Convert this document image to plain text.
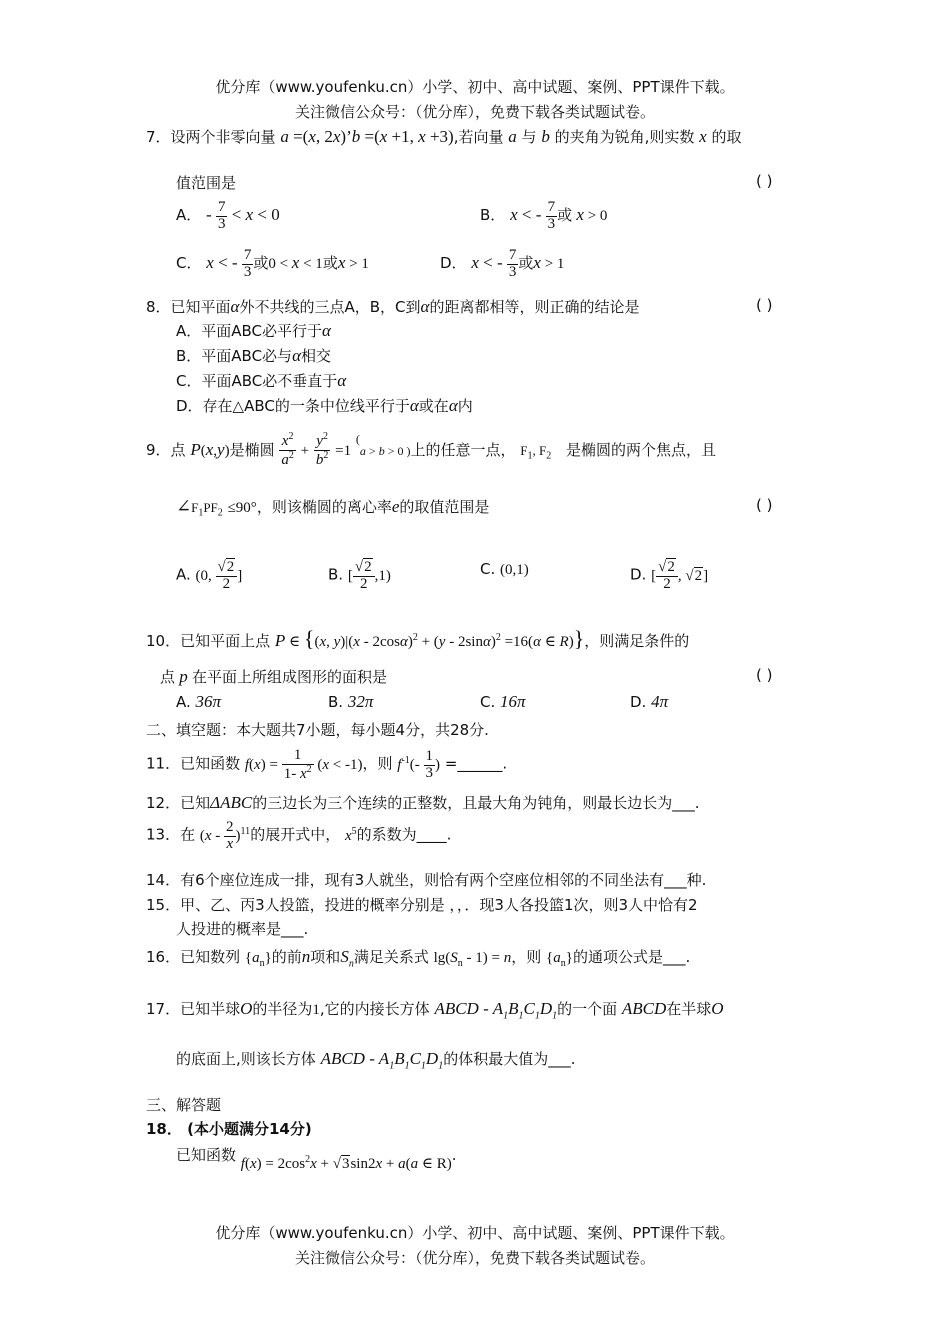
优分库（www.youfenku.cn）小学、初中、高中试题、案例、PPT课件下载。
关注微信公众号：（优分库），免费下载各类试题试卷。
7．设两个非零向量 a =(x, 2x)’b =(x +1, x +3),若向量 a 与 b 的夹角为锐角,则实数 x 的取
值范围是	( )
A． - $\frac{7}{3} < x < 0$	B． x < - $\frac{7}{3}$ 或 x > 0
C． x < - $\frac{7}{3}$ 或0 < x < 1或x > 1	D． x < - $\frac{7}{3}$ 或x > 1
8．已知平面α外不共线的三点A，B，C到α的距离都相等，则正确的结论是	( )
A．平面ABC必平行于α
B．平面ABC必与α相交
C．平面ABC必不垂直于α
D．存在△ABC的一条中位线平行于α或在α内
9．点 P(x,y)是椭圆 $\frac{x^2}{a^2} + \frac{y^2}{b^2} =1$ (a > b > 0 )上的任意一点， $F_1$, $F_2$ 是椭圆的两个焦点，且
$\angle F_1PF_2 \le 90^\circ$，则该椭圆的离心率e的取值范围是	( )
A. (0, $\frac{√2}{2}$ ]	B. [ $\frac{√2}{2} ,1$)	C. (0,1)	D. [ $\frac{√2}{2}$ , √2]
10．已知平面上点 P ∈ {(x, y)|(x - 2cosα)$^2$ + (y - 2sinα)$^2$ =16(α ∈ R)}，则满足条件的
点 p 在平面上所组成图形的面积是	( )
A. 36π	B. 32π	C. 16π	D. 4π
二、填空题：本大题共7小题，每小题4分，共28分.
11．已知函数 $f(x) = \frac{1}{1- x^2} (x < -1)$，则 $f^{-1}(- \frac{1}{3}$ ) =______.
12．已知ΔABC的三边长为三个连续的正整数，且最大角为钝角，则最长边长为___.
13．在 $(x - \frac{2}{x} )^{11}$的展开式中， $x^5$的系数为____.
14．有6个座位连成一排，现有3人就坐，则恰有两个空座位相邻的不同坐法有___种.
15．甲、乙、丙3人投篮，投进的概率分别是 ，，．现3人各投篮1次，则3人中恰有2
人投进的概率是___.
16．已知数列 $\{a_n\}$的前n项和$S_n$满足关系式 $\lg(S_n - 1) = n$，则 $\{a_n\}$的通项公式是___.
17．已知半球O的半径为1,它的内接长方体 ABCD - $A_1B_1C_1D_1$的一个面 ABCD在半球O
的底面上,则该长方体 ABCD - $A_1B_1C_1D_1$的体积最大值为___.
三、解答题
18． (本小题满分14分)
已知函数 $f(x) = 2\cos^2x + √3\sin 2x + a(a$ ∈ R).
优分库（www.youfenku.cn）小学、初中、高中试题、案例、PPT课件下载。
关注微信公众号：（优分库），免费下载各类试题试卷。
